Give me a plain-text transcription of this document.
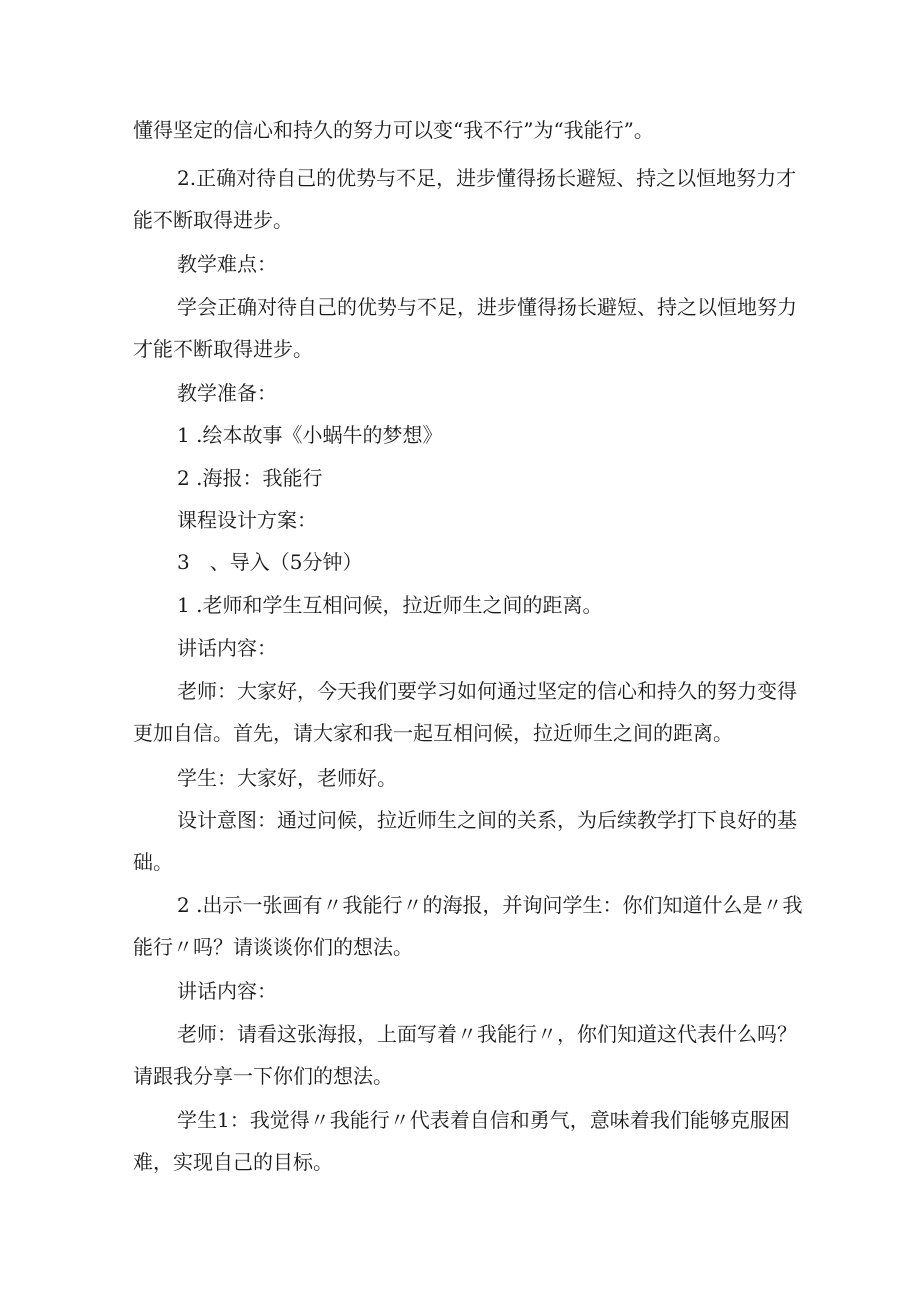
懂得坚定的信心和持久的努力可以变“我不行”为“我能行”。

2.正确对待自己的优势与不足，进步懂得扬长避短、持之以恒地努力才能不断取得进步。

教学难点：

学会正确对待自己的优势与不足，进步懂得扬长避短、持之以恒地努力才能不断取得进步。

教学准备：

1 .绘本故事《小蜗牛的梦想》

2 .海报：我能行

课程设计方案：

3　、导入（5分钟）

1 .老师和学生互相问候，拉近师生之间的距离。

讲话内容：

老师：大家好，今天我们要学习如何通过坚定的信心和持久的努力变得更加自信。首先，请大家和我一起互相问候，拉近师生之间的距离。

学生：大家好，老师好。

设计意图：通过问候，拉近师生之间的关系，为后续教学打下良好的基础。

2 .出示一张画有〃我能行〃的海报，并询问学生：你们知道什么是〃我能行〃吗？请谈谈你们的想法。

讲话内容：

老师：请看这张海报，上面写着〃我能行〃，你们知道这代表什么吗？请跟我分享一下你们的想法。

学生1：我觉得〃我能行〃代表着自信和勇气，意味着我们能够克服困难，实现自己的目标。
